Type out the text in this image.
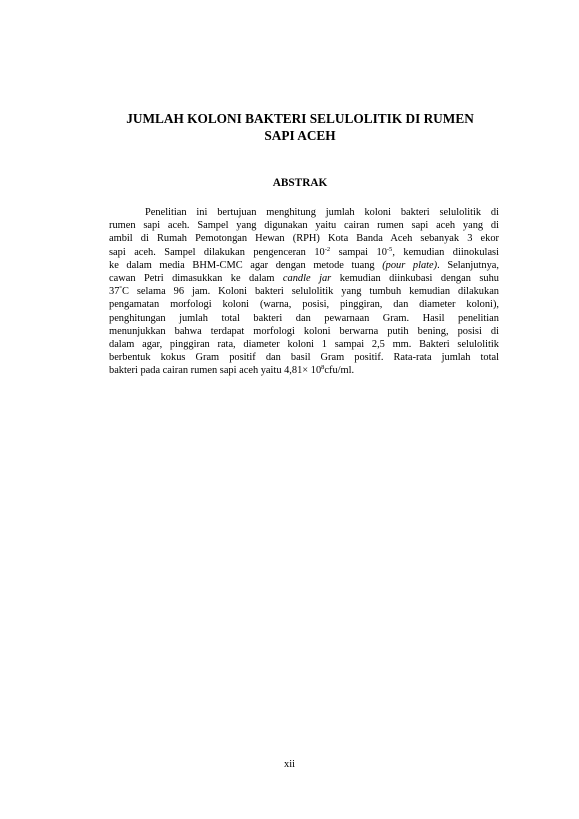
JUMLAH KOLONI BAKTERI SELULOLITIK DI RUMEN
SAPI ACEH
ABSTRAK
Penelitian ini bertujuan menghitung jumlah koloni bakteri selulolitik di
rumen sapi aceh. Sampel yang digunakan yaitu cairan rumen sapi aceh yang di
ambil di Rumah Pemotongan Hewan (RPH) Kota Banda Aceh sebanyak 3 ekor
sapi aceh. Sampel dilakukan pengenceran $10^{-2}$ sampai $10^{-5}$, kemudian diinokulasi
ke dalam media BHM-CMC agar dengan metode tuang (pour plate). Selanjutnya,
cawan Petri dimasukkan ke dalam candle jar kemudian diinkubasi dengan suhu
37°C selama 96 jam. Koloni bakteri selulolitik yang tumbuh kemudian dilakukan
pengamatan morfologi koloni (warna, posisi, pinggiran, dan diameter koloni),
penghitungan jumlah total bakteri dan pewarnaan Gram. Hasil penelitian
menunjukkan bahwa terdapat morfologi koloni berwarna putih bening, posisi di
dalam agar, pinggiran rata, diameter koloni 1 sampai 2,5 mm. Bakteri selulolitik
berbentuk kokus Gram positif dan basil Gram positif. Rata-rata jumlah total
bakteri pada cairan rumen sapi aceh yaitu $4,81\times 10^8cfu/ml$.
xii
